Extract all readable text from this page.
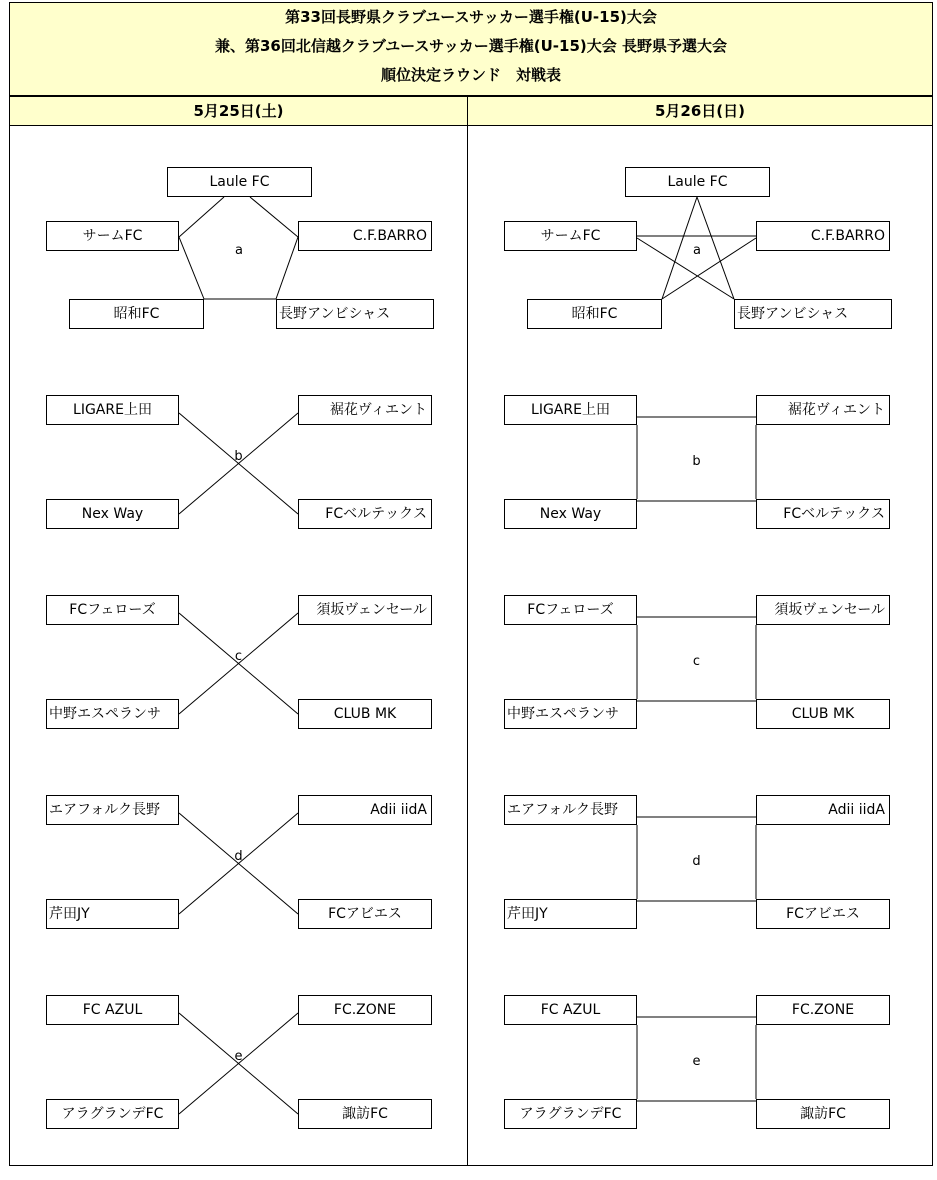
第33回長野県クラブユースサッカー選手権(U-15)大会
兼、第36回北信越クラブユースサッカー選手権(U-15)大会 長野県予選大会
順位決定ラウンド　対戦表
5月25日(土)	5月26日(日)
Laule FC
サームFC	C.F.BARRO
昭和FC	長野アンビシャス
a
b
LIGARE上田	裾花ヴィエント
Nex Way	FCベルテックス
c
FCフェローズ	須坂ヴェンセール
中野エスペランサ	CLUB MK
d
エアフォルク長野	Adii iidA
芹田JY	FCアビエス
e
FC AZUL	FC.ZONE
アラグランデFC	諏訪FC
Laule FC
サームFC	C.F.BARRO
昭和FC	長野アンビシャス
a
b
LIGARE上田	裾花ヴィエント
Nex Way	FCベルテックス
c
FCフェローズ	須坂ヴェンセール
中野エスペランサ	CLUB MK
d
エアフォルク長野	Adii iidA
芹田JY	FCアビエス
e
FC AZUL	FC.ZONE
アラグランデFC	諏訪FC
